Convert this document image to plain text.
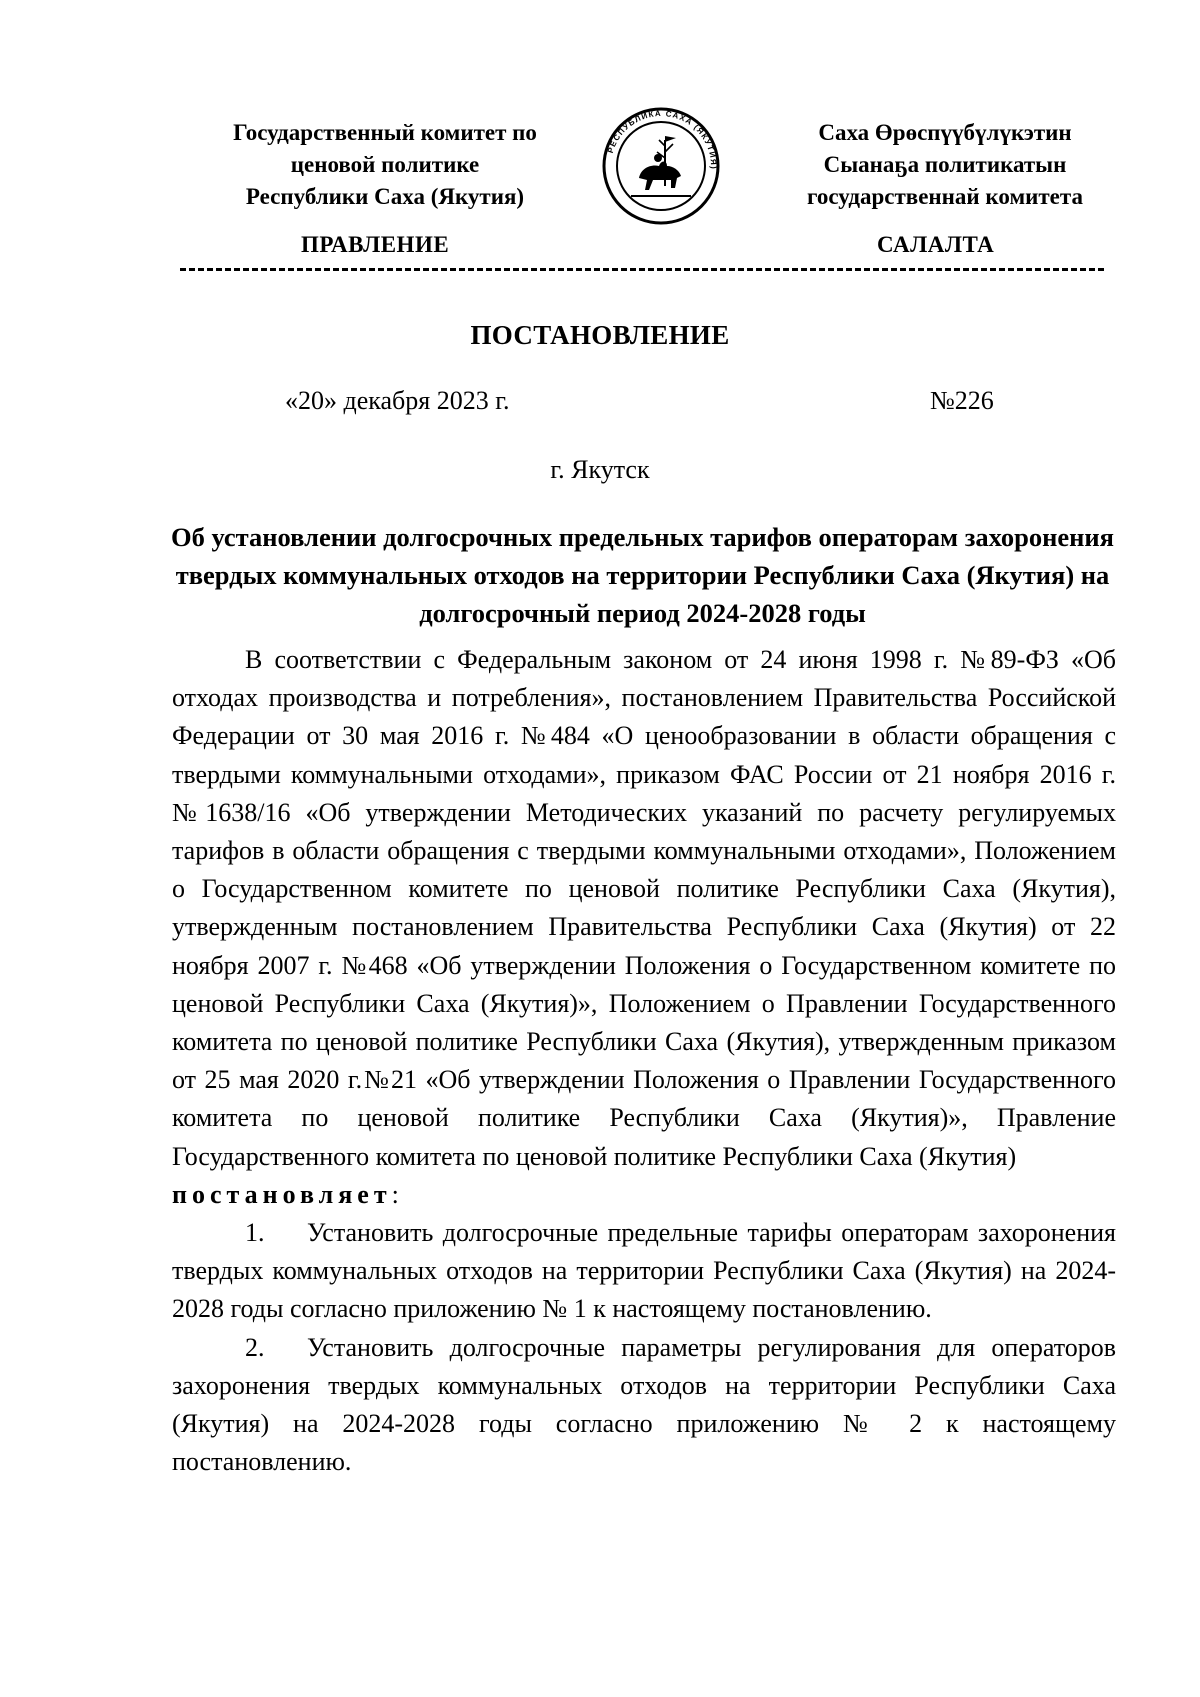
Государственный комитет по
ценовой политике
Республики Саха (Якутия)
РЕСПУБЛИКА САХА (ЯКУТИЯ)
Саха Өрөспүүбүлүкэтин
Сыанаҕа политикатын
государственнай комитета
ПРАВЛЕНИЕ	САЛАЛТА
ПОСТАНОВЛЕНИЕ
«20» декабря 2023 г.	№226
г. Якутск
Об установлении долгосрочных предельных тарифов операторам захоронения твердых коммунальных отходов на территории Республики Саха (Якутия) на долгосрочный период 2024-2028 годы

В соответствии с Федеральным законом от 24 июня 1998 г. №89-ФЗ «Об отходах производства и потребления», постановлением Правительства Российской Федерации от 30 мая 2016 г. №484 «О ценообразовании в области обращения с твердыми коммунальными отходами», приказом ФАС России от 21 ноября 2016 г. №1638/16 «Об утверждении Методических указаний по расчету регулируемых тарифов в области обращения с твердыми коммунальными отходами», Положением о Государственном комитете по ценовой политике Республики Саха (Якутия), утвержденным постановлением Правительства Республики Саха (Якутия) от 22 ноября 2007 г. №468 «Об утверждении Положения о Государственном комитете по ценовой Республики Саха (Якутия)», Положением о Правлении Государственного комитета по ценовой политике Республики Саха (Якутия), утвержденным приказом от 25 мая 2020 г.№21 «Об утверждении Положения о Правлении Государственного комитета по ценовой политике Республики Саха (Якутия)», Правление Государственного комитета по ценовой политике Республики Саха (Якутия)
постановляет:

1. Установить долгосрочные предельные тарифы операторам захоронения твердых коммунальных отходов на территории Республики Саха (Якутия) на 2024-2028 годы согласно приложению № 1 к настоящему постановлению.

2. Установить долгосрочные параметры регулирования для операторов захоронения твердых коммунальных отходов на территории Республики Саха (Якутия) на 2024-2028 годы согласно приложению № 2 к настоящему постановлению.
